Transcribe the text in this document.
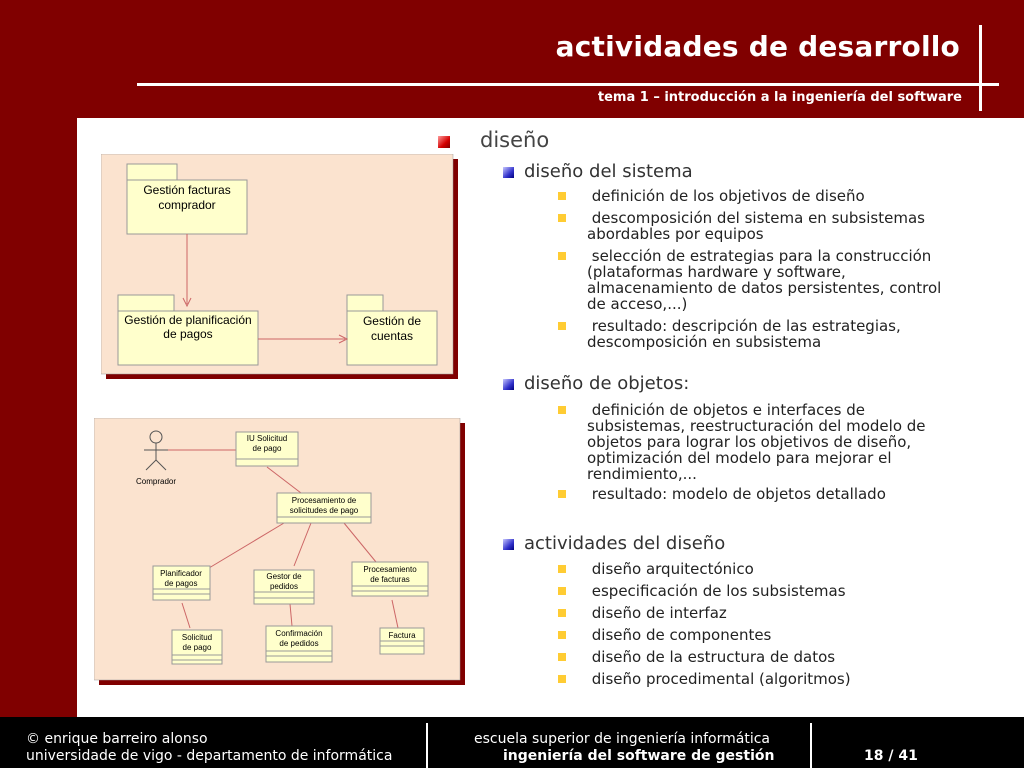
actividades de desarrollo
tema 1 – introducción a la ingeniería del software
Gestión facturas
comprador
Gestión de planificación
de pagos
Gestión de
cuentas
Comprador
IU Solicitud
de pago
Procesamiento de
solicitudes de pago
Planificador
de pagos
Gestor de
pedidos
Procesamiento
de facturas
Solicitud
de pago
Confirmación
de pedidos
Factura
diseño
diseño del sistema
definición de los objetivos de diseño
descomposición del sistema en subsistemas
abordables por equipos
selección de estrategias para la construcción
(plataformas hardware y software,
almacenamiento de datos persistentes, control
de acceso,...)
resultado: descripción de las estrategias,
descomposición en subsistema
diseño de objetos:
definición de objetos e interfaces de
subsistemas, reestructuración del modelo de
objetos para lograr los objetivos de diseño,
optimización del modelo para mejorar el
rendimiento,...
resultado: modelo de objetos detallado
actividades del diseño
diseño arquitectónico
especificación de los subsistemas
diseño de interfaz
diseño de componentes
diseño de la estructura de datos
diseño procedimental (algoritmos)
© enrique barreiro alonso
universidade de vigo - departamento de informática
escuela superior de ingeniería informática
ingeniería del software de gestión	18 / 41
